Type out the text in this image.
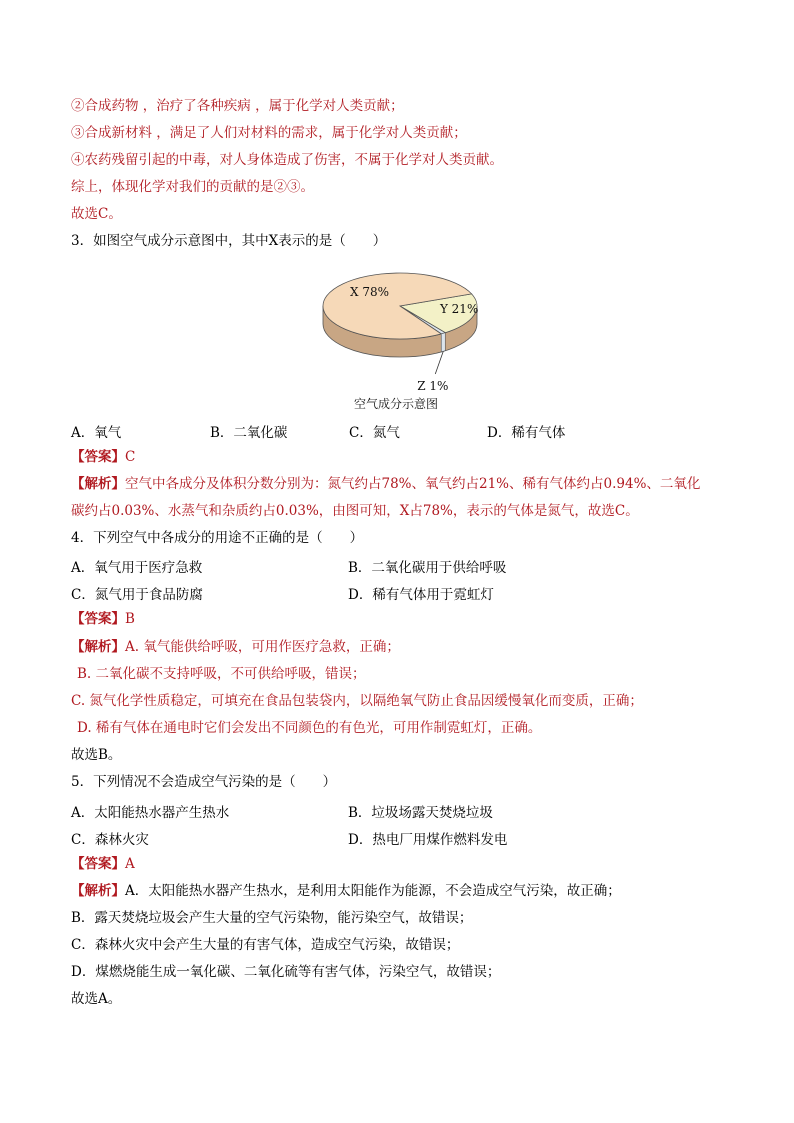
②合成药物 ，治疗了各种疾病 ，属于化学对人类贡献；
③合成新材料 ，满足了人们对材料的需求，属于化学对人类贡献；
④农药残留引起的中毒，对人身体造成了伤害，不属于化学对人类贡献。
综上，体现化学对我们的贡献的是②③。
故选C。
3．如图空气成分示意图中，其中X表示的是（　　）
X 78%
Y 21%
Z 1%
空气成分示意图
A．氧气	B．二氧化碳	C．氮气	D．稀有气体
【答案】C
【解析】空气中各成分及体积分数分别为：氮气约占78%、氧气约占21%、稀有气体约占0.94%、二氧化
碳约占0.03%、水蒸气和杂质约占0.03%，由图可知，X占78%，表示的气体是氮气，故选C。
4．下列空气中各成分的用途不正确的是（　　）
A．氧气用于医疗急救	B．二氧化碳用于供给呼吸
C．氮气用于食品防腐	D．稀有气体用于霓虹灯
【答案】B
【解析】A. 氧气能供给呼吸，可用作医疗急救，正确；
B. 二氧化碳不支持呼吸，不可供给呼吸，错误；
C. 氮气化学性质稳定，可填充在食品包装袋内，以隔绝氧气防止食品因缓慢氧化而变质，正确；
D. 稀有气体在通电时它们会发出不同颜色的有色光，可用作制霓虹灯，正确。
故选B。
5．下列情况不会造成空气污染的是（　　）
A．太阳能热水器产生热水	B．垃圾场露天焚烧垃圾
C．森林火灾	D．热电厂用煤作燃料发电
【答案】A
【解析】A．太阳能热水器产生热水，是利用太阳能作为能源，不会造成空气污染，故正确；
B．露天焚烧垃圾会产生大量的空气污染物，能污染空气，故错误；
C．森林火灾中会产生大量的有害气体，造成空气污染，故错误；
D．煤燃烧能生成一氧化碳、二氧化硫等有害气体，污染空气，故错误；
故选A。
